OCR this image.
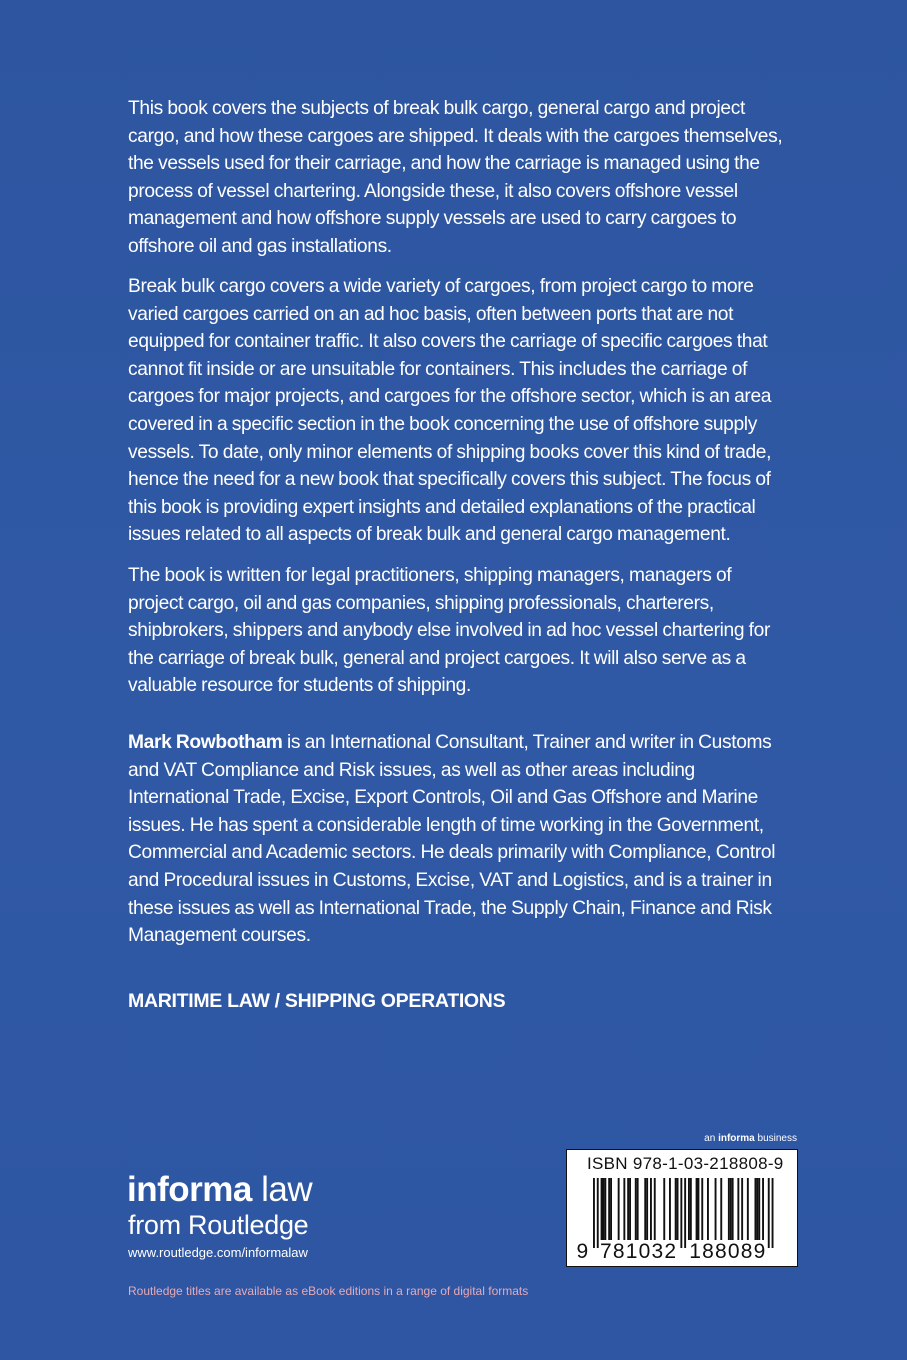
This book covers the subjects of break bulk cargo, general cargo and project cargo, and how these cargoes are shipped. It deals with the cargoes themselves, the vessels used for their carriage, and how the carriage is managed using the process of vessel chartering. Alongside these, it also covers offshore vessel management and how offshore supply vessels are used to carry cargoes to offshore oil and gas installations.

Break bulk cargo covers a wide variety of cargoes, from project cargo to more varied cargoes carried on an ad hoc basis, often between ports that are not equipped for container traffic. It also covers the carriage of specific cargoes that cannot fit inside or are unsuitable for containers. This includes the carriage of cargoes for major projects, and cargoes for the offshore sector, which is an area covered in a specific section in the book concerning the use of offshore supply vessels. To date, only minor elements of shipping books cover this kind of trade, hence the need for a new book that specifically covers this subject. The focus of this book is providing expert insights and detailed explanations of the practical issues related to all aspects of break bulk and general cargo management.

The book is written for legal practitioners, shipping managers, managers of project cargo, oil and gas companies, shipping professionals, charterers, shipbrokers, shippers and anybody else involved in ad hoc vessel chartering for the carriage of break bulk, general and project cargoes. It will also serve as a valuable resource for students of shipping.

Mark Rowbotham is an International Consultant, Trainer and writer in Customs and VAT Compliance and Risk issues, as well as other areas including International Trade, Excise, Export Controls, Oil and Gas Offshore and Marine issues. He has spent a considerable length of time working in the Government, Commercial and Academic sectors. He deals primarily with Compliance, Control and Procedural issues in Customs, Excise, VAT and Logistics, and is a trainer in these issues as well as International Trade, the Supply Chain, Finance and Risk Management courses.

MARITIME LAW / SHIPPING OPERATIONS
informa law
from Routledge
www.routledge.com/informalaw
Routledge titles are available as eBook editions in a range of digital formats
an informa business
ISBN 978-1-03-218808-9
9 781032 188089
